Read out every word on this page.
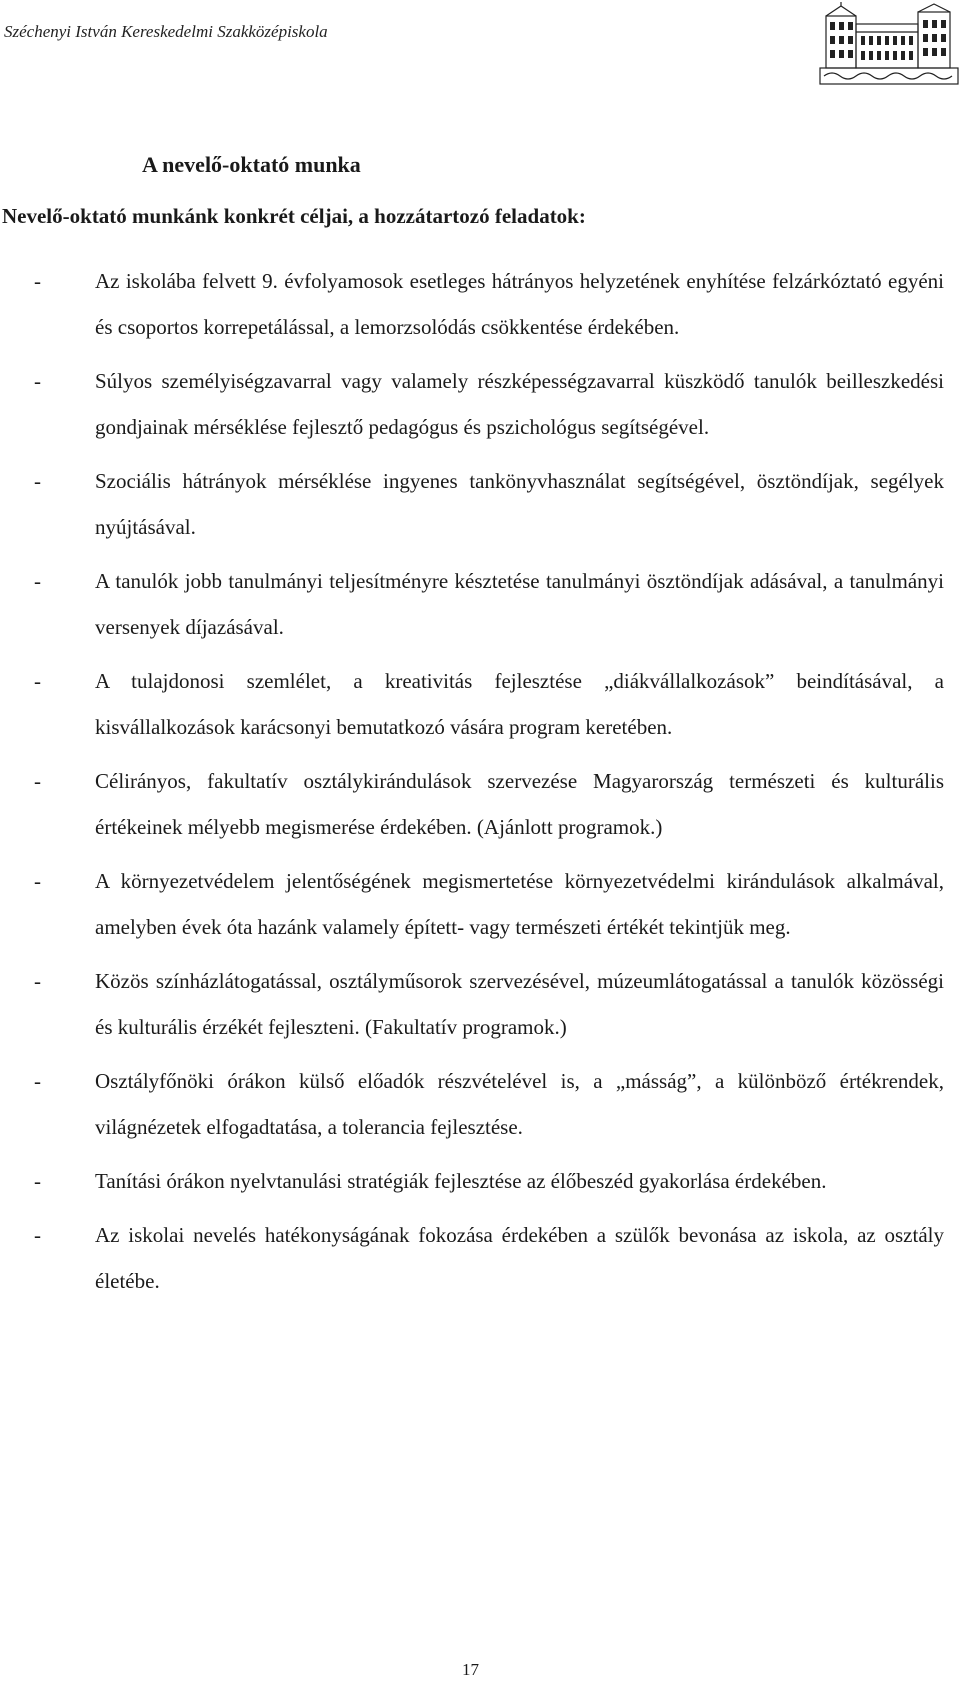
Széchenyi István Kereskedelmi Szakközépiskola
A nevelő-oktató munka
Nevelő-oktató munkánk konkrét céljai, a hozzátartozó feladatok:
-	Az iskolába felvett 9. évfolyamosok esetleges hátrányos helyzetének enyhítése felzárkóztató egyéni és csoportos korrepetálással, a lemorzsolódás csökkentése érdekében.
-	Súlyos személyiségzavarral vagy valamely részképességzavarral küszködő tanulók beilleszkedési gondjainak mérséklése fejlesztő pedagógus és pszichológus segítségével.
-	Szociális hátrányok mérséklése ingyenes tankönyvhasználat segítségével, ösztöndíjak, segélyek nyújtásával.
-	A tanulók jobb tanulmányi teljesítményre késztetése tanulmányi ösztöndíjak adásával, a tanulmányi versenyek díjazásával.
-	A tulajdonosi szemlélet, a kreativitás fejlesztése „diákvállalkozások” beindításával, a kisvállalkozások karácsonyi bemutatkozó vására program keretében.
-	Célirányos, fakultatív osztálykirándulások szervezése Magyarország természeti és kulturális értékeinek mélyebb megismerése érdekében. (Ajánlott programok.)
-	A környezetvédelem jelentőségének megismertetése környezetvédelmi kirándulások alkalmával, amelyben évek óta hazánk valamely épített- vagy természeti értékét tekintjük meg.
-	Közös színházlátogatással, osztályműsorok szervezésével, múzeumlátogatással a tanulók közösségi és kulturális érzékét fejleszteni. (Fakultatív programok.)
-	Osztályfőnöki órákon külső előadók részvételével is, a „másság”, a különböző értékrendek, világnézetek elfogadtatása, a tolerancia fejlesztése.
-	Tanítási órákon nyelvtanulási stratégiák fejlesztése az élőbeszéd gyakorlása érdekében.
-	Az iskolai nevelés hatékonyságának fokozása érdekében a szülők bevonása az iskola, az osztály életébe.
17
